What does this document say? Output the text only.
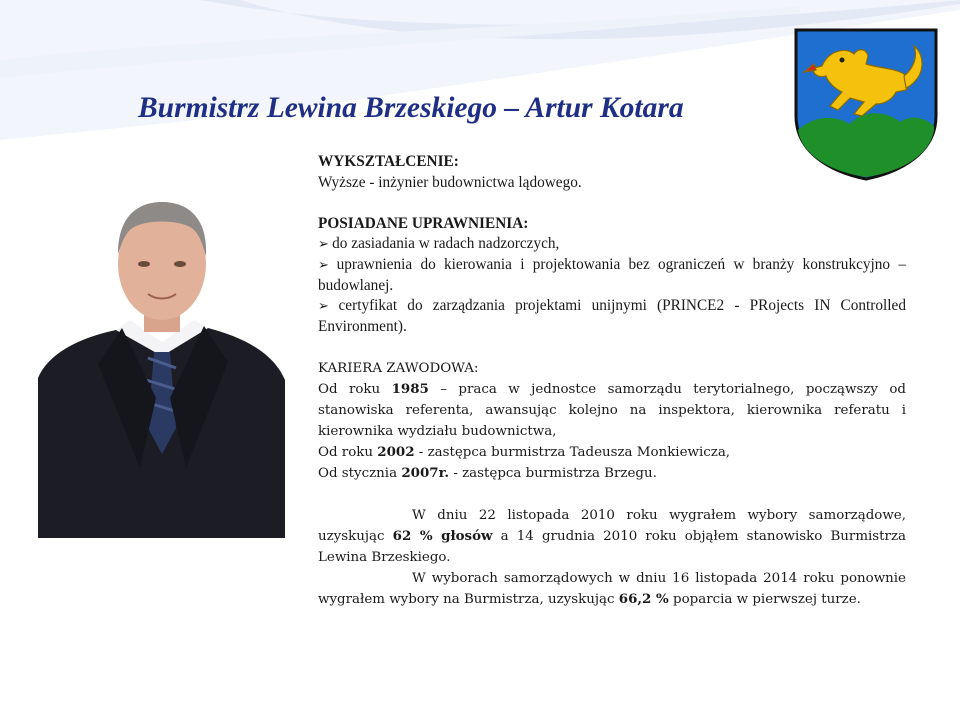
Burmistrz Lewina Brzeskiego – Artur Kotara

WYKSZTAŁCENIE:

Wyższe - inżynier budownictwa lądowego.

POSIADANE UPRAWNIENIA:

➢ do zasiadania w radach nadzorczych,

➢ uprawnienia do kierowania i projektowania bez ograniczeń w branży konstrukcyjno – budowlanej.

➢ certyfikat do zarządzania projektami unijnymi (PRINCE2 - PRojects IN Controlled Environment).

KARIERA ZAWODOWA:

Od roku 1985 – praca w jednostce samorządu terytorialnego, począwszy od stanowiska referenta, awansując kolejno na inspektora, kierownika referatu i kierownika wydziału budownictwa,

Od roku 2002 - zastępca burmistrza Tadeusza Monkiewicza,

Od stycznia 2007r. - zastępca burmistrza Brzegu.

W dniu 22 listopada 2010 roku wygrałem wybory samorządowe, uzyskując 62 % głosów a 14 grudnia 2010 roku objąłem stanowisko Burmistrza Lewina Brzeskiego.

W wyborach samorządowych w dniu 16 listopada 2014 roku ponownie wygrałem wybory na Burmistrza, uzyskując 66,2 % poparcia w pierwszej turze.
